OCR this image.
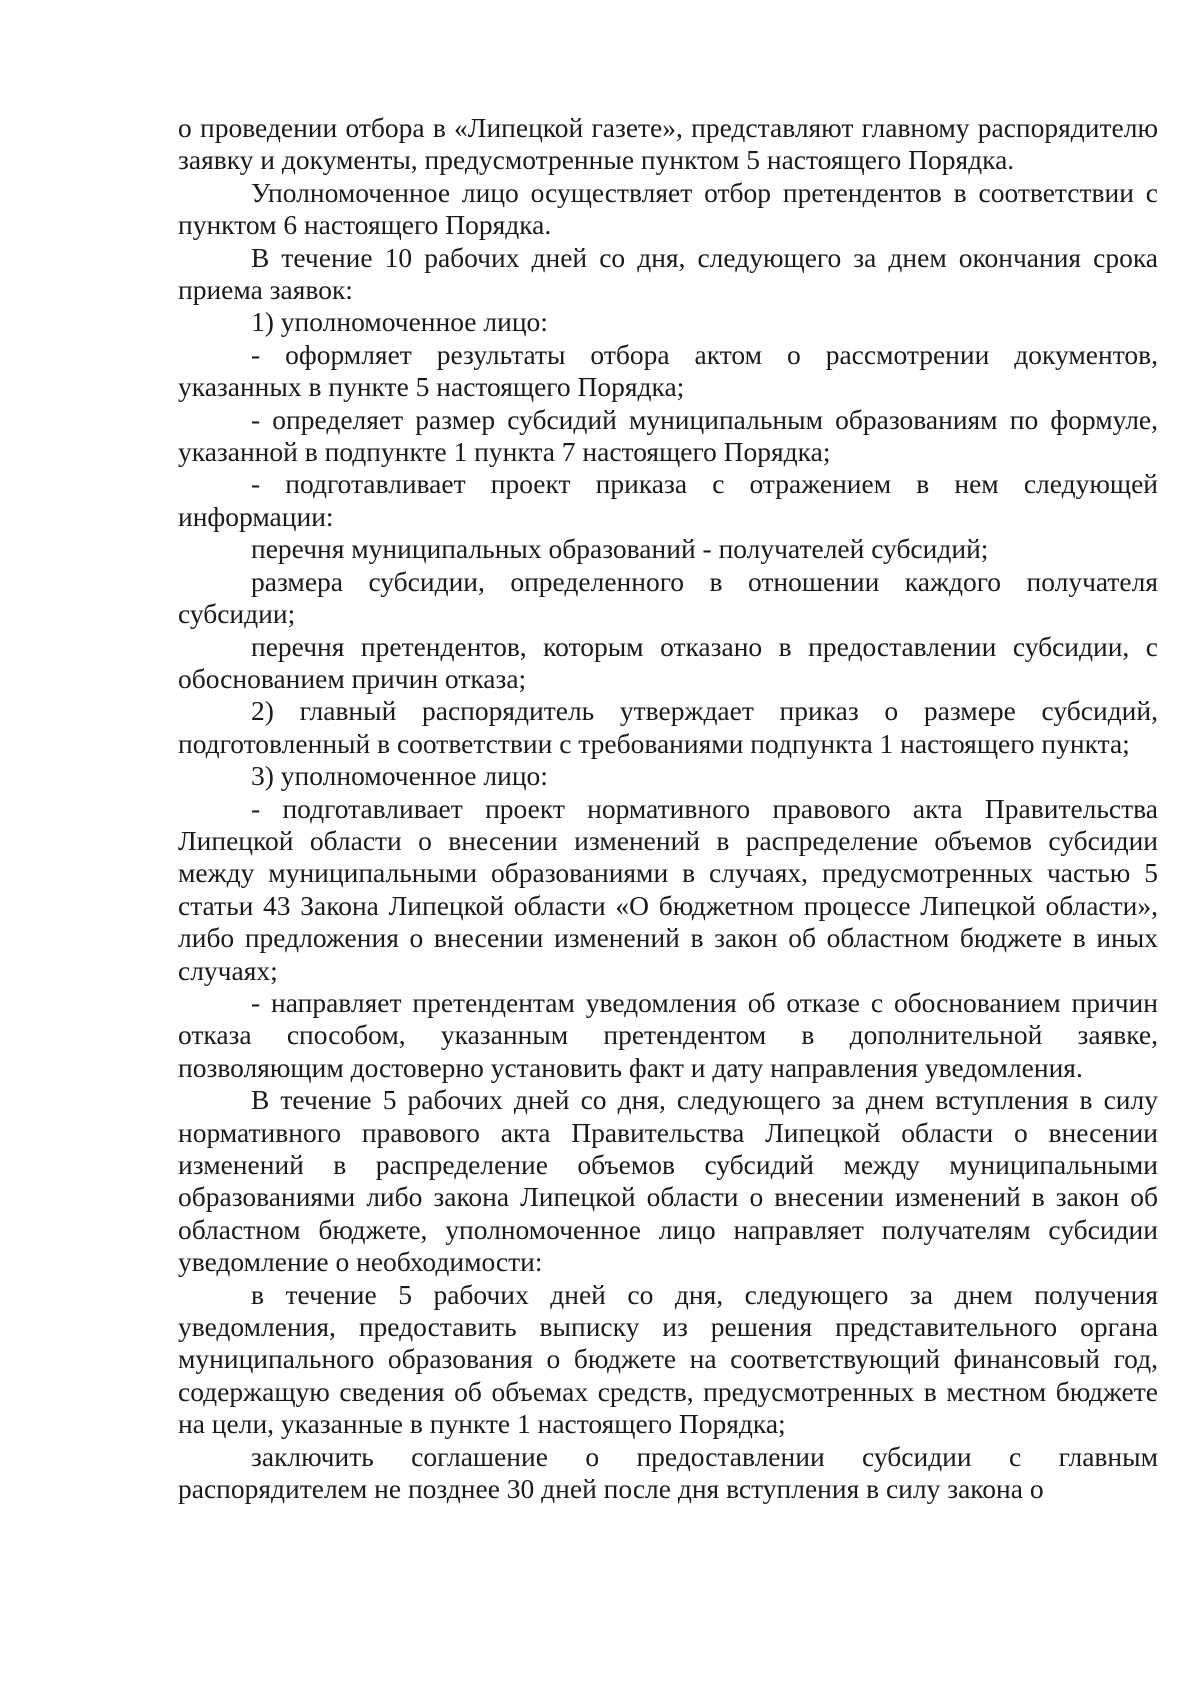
о проведении отбора в «Липецкой газете», представляют главному распорядителю заявку и документы, предусмотренные пунктом 5 настоящего Порядка.

Уполномоченное лицо осуществляет отбор претендентов в соответствии с пунктом 6 настоящего Порядка.

В течение 10 рабочих дней со дня, следующего за днем окончания срока приема заявок:

1) уполномоченное лицо:

- оформляет результаты отбора актом о рассмотрении документов, указанных в пункте 5 настоящего Порядка;

- определяет размер субсидий муниципальным образованиям по формуле, указанной в подпункте 1 пункта 7 настоящего Порядка;

- подготавливает проект приказа с отражением в нем следующей информации:

перечня муниципальных образований - получателей субсидий;

размера субсидии, определенного в отношении каждого получателя субсидии;

перечня претендентов, которым отказано в предоставлении субсидии, с обоснованием причин отказа;

2) главный распорядитель утверждает приказ о размере субсидий, подготовленный в соответствии с требованиями подпункта 1 настоящего пункта;

3) уполномоченное лицо:

- подготавливает проект нормативного правового акта Правительства Липецкой области о внесении изменений в распределение объемов субсидии между муниципальными образованиями в случаях, предусмотренных частью 5 статьи 43 Закона Липецкой области «О бюджетном процессе Липецкой области», либо предложения о внесении изменений в закон об областном бюджете в иных случаях;

- направляет претендентам уведомления об отказе с обоснованием причин отказа способом, указанным претендентом в дополнительной заявке, позволяющим достоверно установить факт и дату направления уведомления.

В течение 5 рабочих дней со дня, следующего за днем вступления в силу нормативного правового акта Правительства Липецкой области о внесении изменений в распределение объемов субсидий между муниципальными образованиями либо закона Липецкой области о внесении изменений в закон об областном бюджете, уполномоченное лицо направляет получателям субсидии уведомление о необходимости:

в течение 5 рабочих дней со дня, следующего за днем получения уведомления, предоставить выписку из решения представительного органа муниципального образования о бюджете на соответствующий финансовый год, содержащую сведения об объемах средств, предусмотренных в местном бюджете на цели, указанные в пункте 1 настоящего Порядка;

заключить соглашение о предоставлении субсидии с главным распорядителем не позднее 30 дней после дня вступления в силу закона о
